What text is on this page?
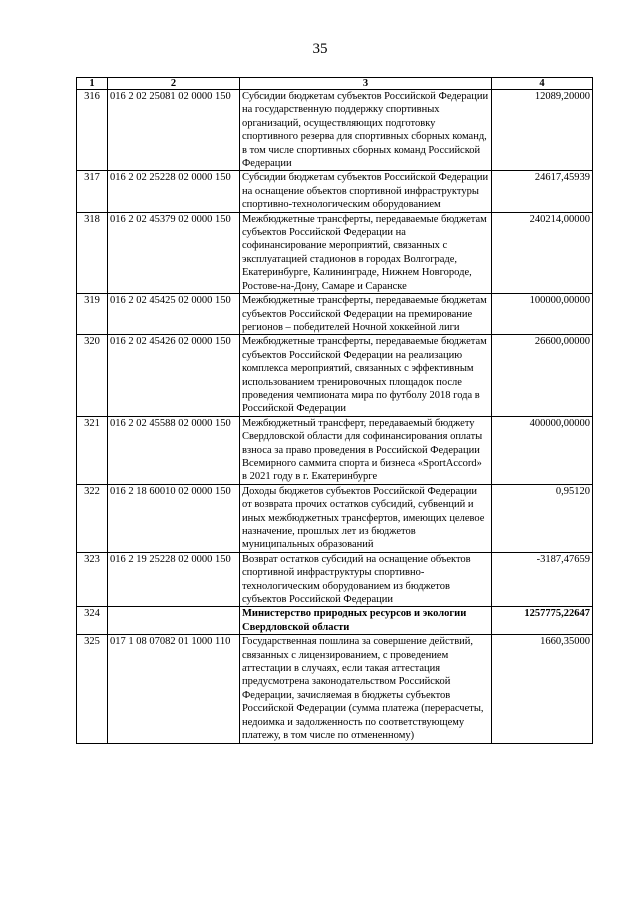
35
1	2	3	4
316	016 2 02 25081 02 0000 150	Субсидии бюджетам субъектов Российской Федерации на государственную поддержку спортивных организаций, осуществляющих подготовку спортивного резерва для спортивных сборных команд, в том числе спортивных сборных команд Российской Федерации	12089,20000
317	016 2 02 25228 02 0000 150	Субсидии бюджетам субъектов Российской Федерации на оснащение объектов спортивной инфраструктуры спортивно-технологическим оборудованием	24617,45939
318	016 2 02 45379 02 0000 150	Межбюджетные трансферты, передаваемые бюджетам субъектов Российской Федерации на софинансирование мероприятий, связанных с эксплуатацией стадионов в городах Волгограде, Екатеринбурге, Калининграде, Нижнем Новгороде, Ростове-на-Дону, Самаре и Саранске	240214,00000
319	016 2 02 45425 02 0000 150	Межбюджетные трансферты, передаваемые бюджетам субъектов Российской Федерации на премирование регионов – победителей Ночной хоккейной лиги	100000,00000
320	016 2 02 45426 02 0000 150	Межбюджетные трансферты, передаваемые бюджетам субъектов Российской Федерации на реализацию комплекса мероприятий, связанных с эффективным использованием тренировочных площадок после проведения чемпионата мира по футболу 2018 года в Российской Федерации	26600,00000
321	016 2 02 45588 02 0000 150	Межбюджетный трансферт, передаваемый бюджету Свердловской области для софинансирования оплаты взноса за право проведения в Российской Федерации Всемирного саммита спорта и бизнеса «SportAccord» в 2021 году в г. Екатеринбурге	400000,00000
322	016 2 18 60010 02 0000 150	Доходы бюджетов субъектов Российской Федерации от возврата прочих остатков субсидий, субвенций и иных межбюджетных трансфертов, имеющих целевое назначение, прошлых лет из бюджетов муниципальных образований	0,95120
323	016 2 19 25228 02 0000 150	Возврат остатков субсидий на оснащение объектов спортивной инфраструктуры спортивно-технологическим оборудованием из бюджетов субъектов Российской Федерации	-3187,47659
324		Министерство природных ресурсов и экологии Свердловской области	1257775,22647
325	017 1 08 07082 01 1000 110	Государственная пошлина за совершение действий, связанных с лицензированием, с проведением аттестации в случаях, если такая аттестация предусмотрена законодательством Российской Федерации, зачисляемая в бюджеты субъектов Российской Федерации (сумма платежа (перерасчеты, недоимка и задолженность по соответствующему платежу, в том числе по отмененному)	1660,35000
